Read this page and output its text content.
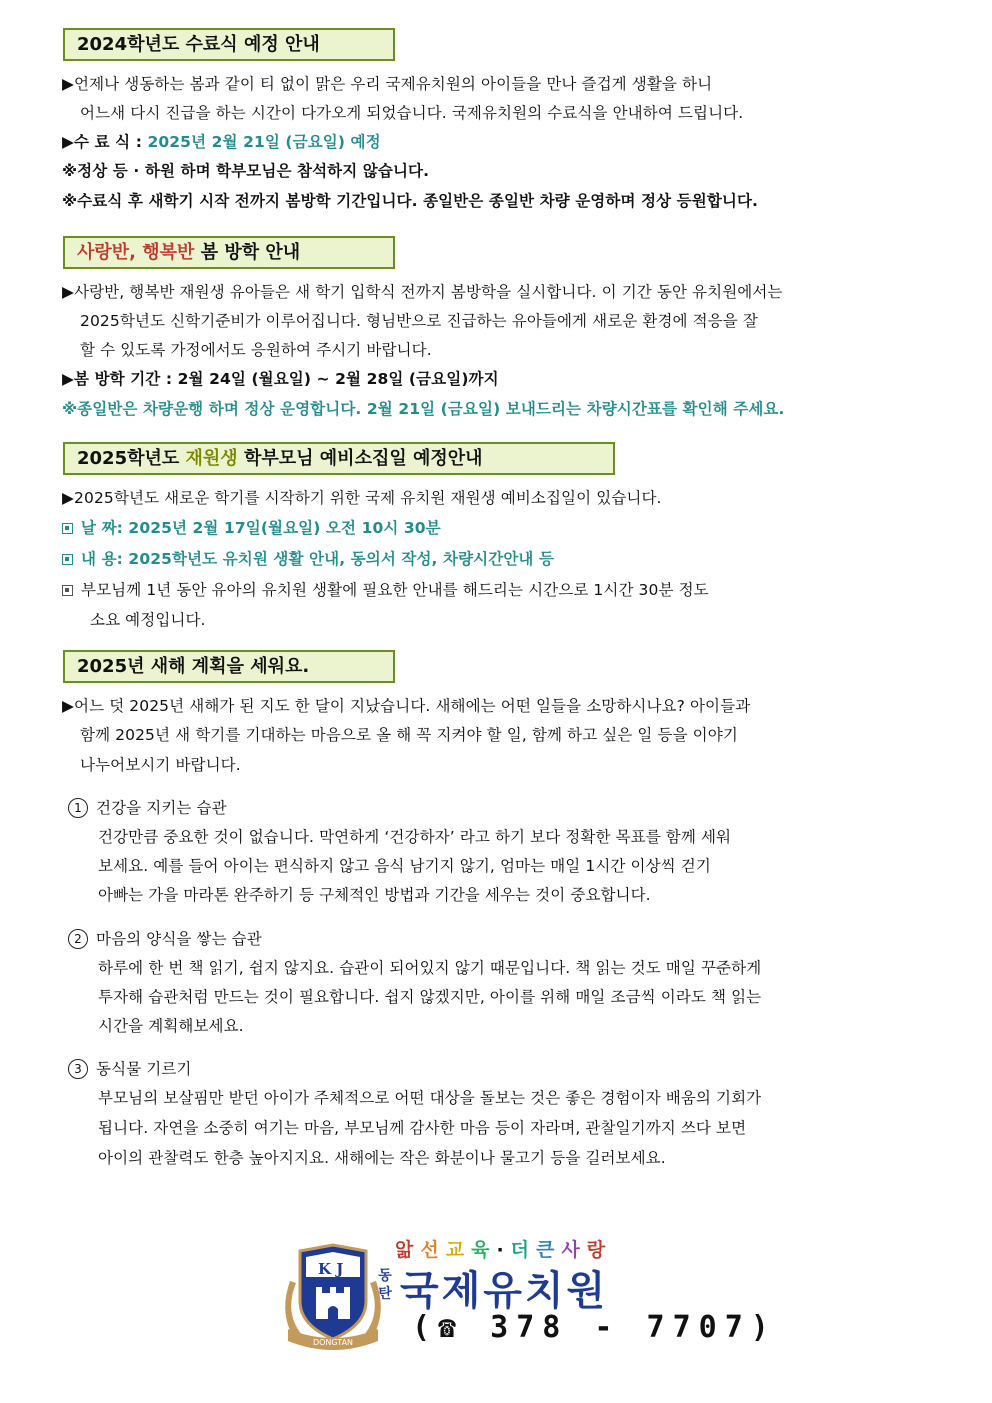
2024학년도 수료식 예정 안내
▶언제나 생동하는 봄과 같이 티 없이 맑은 우리 국제유치원의 아이들을 만나 즐겁게 생활을 하니
어느새 다시 진급을 하는 시간이 다가오게 되었습니다. 국제유치원의 수료식을 안내하여 드립니다.
▶수 료 식 : 2025년 2월 21일 (금요일) 예정
※정상 등 · 하원 하며 학부모님은 참석하지 않습니다.
※수료식 후 새학기 시작 전까지 봄방학 기간입니다. 종일반은 종일반 차량 운영하며 정상 등원합니다.
사랑반, 행복반 봄 방학 안내
▶사랑반, 행복반 재원생 유아들은 새 학기 입학식 전까지 봄방학을 실시합니다. 이 기간 동안 유치원에서는
2025학년도 신학기준비가 이루어집니다. 형님반으로 진급하는 유아들에게 새로운 환경에 적응을 잘
할 수 있도록 가정에서도 응원하여 주시기 바랍니다.
▶봄 방학 기간 : 2월 24일 (월요일) ~ 2월 28일 (금요일)까지
※종일반은 차량운행 하며 정상 운영합니다. 2월 21일 (금요일) 보내드리는 차량시간표를 확인해 주세요.
2025학년도 재원생 학부모님 예비소집일 예정안내
▶2025학년도 새로운 학기를 시작하기 위한 국제 유치원 재원생 예비소집일이 있습니다.
날 짜: 2025년 2월 17일(월요일) 오전 10시 30분
내 용: 2025학년도 유치원 생활 안내, 동의서 작성, 차량시간안내 등
부모님께 1년 동안 유아의 유치원 생활에 필요한 안내를 해드리는 시간으로 1시간 30분 정도
소요 예정입니다.
2025년 새해 계획을 세워요.
▶어느 덧 2025년 새해가 된 지도 한 달이 지났습니다. 새해에는 어떤 일들을 소망하시나요? 아이들과
함께 2025년 새 학기를 기대하는 마음으로 올 해 꼭 지켜야 할 일, 함께 하고 싶은 일 등을 이야기
나누어보시기 바랍니다.
1 건강을 지키는 습관
건강만큼 중요한 것이 없습니다. 막연하게 ‘건강하자’ 라고 하기 보다 정확한 목표를 함께 세워
보세요. 예를 들어 아이는 편식하지 않고 음식 남기지 않기, 엄마는 매일 1시간 이상씩 걷기
아빠는 가을 마라톤 완주하기 등 구체적인 방법과 기간을 세우는 것이 중요합니다.
2 마음의 양식을 쌓는 습관
하루에 한 번 책 읽기, 쉽지 않지요. 습관이 되어있지 않기 때문입니다. 책 읽는 것도 매일 꾸준하게
투자해 습관처럼 만드는 것이 필요합니다. 쉽지 않겠지만, 아이를 위해 매일 조금씩 이라도 책 읽는
시간을 계획해보세요.
3 동식물 기르기
부모님의 보살핌만 받던 아이가 주체적으로 어떤 대상을 돌보는 것은 좋은 경험이자 배움의 기회가
됩니다. 자연을 소중히 여기는 마음, 부모님께 감사한 마음 등이 자라며, 관찰일기까지 쓰다 보면
아이의 관찰력도 한층 높아지지요. 새해에는 작은 화분이나 물고기 등을 길러보세요.
K J
DONGTAN
앎선교육·더큰사랑
동
탄 국제유치원
(☎ 378 - 7707)
